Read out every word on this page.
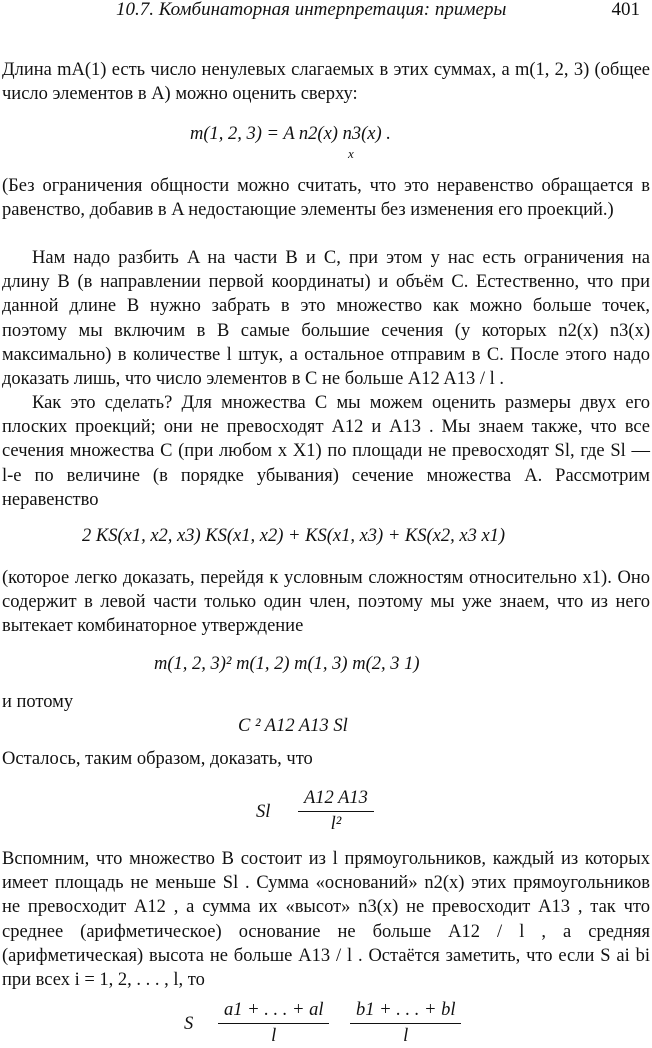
10.7. Комбинаторная интерпретация: примеры	401
Длина mA(1) есть число ненулевых слагаемых в этих суммах, а m(1, 2, 3) (общее число элементов в A) можно оценить сверху:
m(1, 2, 3) = A n2(x) n3(x) .
x
(Без ограничения общности можно считать, что это неравенство обращается в равенство, добавив в A недостающие элементы без изменения его проекций.)
Нам надо разбить A на части B и C, при этом у нас есть ограничения на длину B (в направлении первой координаты) и объём C. Естественно, что при данной длине B нужно забрать в это множество как можно больше точек, поэтому мы включим в B самые большие сечения (у которых n2(x) n3(x) максимально) в количестве l штук, а остальное отправим в C. После этого надо доказать лишь, что число элементов в C не больше A12 A13 / l .
Как это сделать? Для множества C мы можем оценить размеры двух его плоских проекций; они не превосходят A12 и A13 . Мы знаем также, что все сечения множества C (при любом x X1) по площади не превосходят Sl, где Sl — l-е по величине (в порядке убывания) сечение множества A. Рассмотрим неравенство
2 KS(x1, x2, x3) KS(x1, x2) + KS(x1, x3) + KS(x2, x3 x1)
(которое легко доказать, перейдя к условным сложностям относительно x1). Оно содержит в левой части только один член, поэтому мы уже знаем, что из него вытекает комбинаторное утверждение
m(1, 2, 3)² m(1, 2) m(1, 3) m(2, 3 1)
и потому
C ² A12 A13 Sl
Осталось, таким образом, доказать, что
Sl $\frac{A12 A13}{\text{l²}}$
Вспомним, что множество B состоит из l прямоугольников, каждый из которых имеет площадь не меньше Sl . Сумма «оснований» n2(x) этих прямоугольников не превосходит A12 , а сумма их «высот» n3(x) не превосходит A13 , так что среднее (арифметическое) основание не больше A12 / l , а средняя (арифметическая) высота не больше A13 / l . Остаётся заметить, что если S ai bi при всех i = 1, 2, . . . , l, то
S $\frac{a1 + . . . + al}{l} \frac{b1 + . . . + bl}{l}$
